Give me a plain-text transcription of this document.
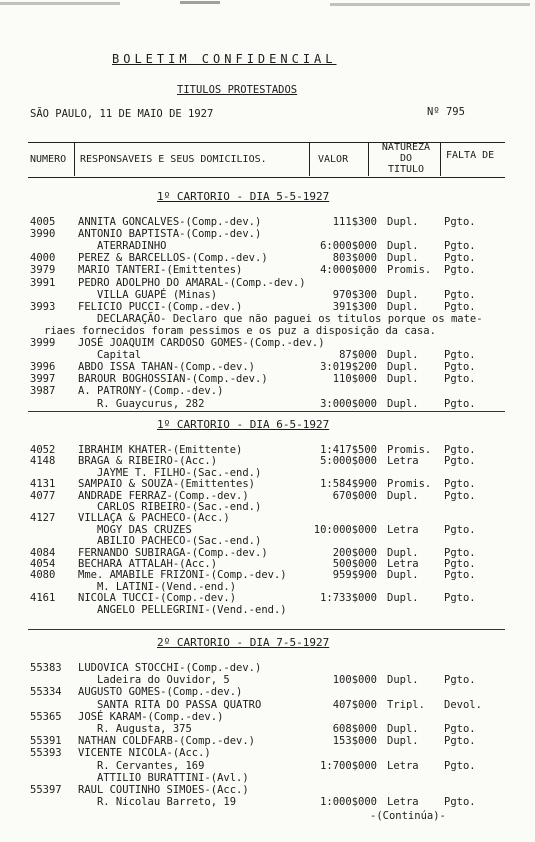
BOLETIM CONFIDENCIAL
TITULOS PROTESTADOS
SÃO PAULO, 11 DE MAIO DE 1927	Nº 795
NUMERO RESPONSAVEIS E SEUS DOMICILIOS.	VALOR
NATUREZA
DO
TITULO
FALTA DE
1º CARTORIO - DIA 5-5-1927
4005 ANNITA GONCALVES-(Comp.-dev.)	111$300 Dupl. Pgto.
3990 ANTONIO BAPTISTA-(Comp.-dev.)
ATERRADINHO	6:000$000 Dupl. Pgto.
4000 PEREZ & BARCELLOS-(Comp.-dev.)	803$000 Dupl. Pgto.
3979 MARIO TANTERI-(Emittentes)	4:000$000 Promis. Pgto.
3991 PEDRO ADOLPHO DO AMARAL-(Comp.-dev.)
VILLA GUAPÉ (Minas)	970$300 Dupl. Pgto.
3993 FELICIO PUCCI-(Comp.-dev.)	391$300 Dupl. Pgto.
DECLARAÇÃO- Declaro que não paguei os titulos porque os mate-
riaes fornecidos foram pessimos e os puz a disposição da casa.
3999 JOSÉ JOAQUIM CARDOSO GOMES-(Comp.-dev.)
Capital	87$000 Dupl. Pgto.
3996 ABDO ISSA TAHAN-(Comp.-dev.)	3:019$200 Dupl. Pgto.
3997 BAROUR BOGHOSSIAN-(Comp.-dev.)	110$000 Dupl. Pgto.
3987 A. PATRONY-(Comp.-dev.)
R. Guaycurus, 282	3:000$000 Dupl. Pgto.
1º CARTORIO - DIA 6-5-1927
4052 IBRAHIM KHATER-(Emittente)	1:417$500 Promis. Pgto.
4148 BRAGA & RIBEIRO-(Acc.)	5:000$000 Letra Pgto.
JAYME T. FILHO-(Sac.-end.)
4131 SAMPAIO & SOUZA-(Emittentes)	1:584$900 Promis. Pgto.
4077 ANDRADE FERRAZ-(Comp.-dev.)	670$000 Dupl. Pgto.
CARLOS RIBEIRO-(Sac.-end.)
4127 VILLAÇA & PACHECO-(Acc.)
MOGY DAS CRUZES	10:000$000 Letra Pgto.
ABILIO PACHECO-(Sac.-end.)
4084 FERNANDO SUBIRAGA-(Comp.-dev.)	200$000 Dupl. Pgto.
4054 BECHARA ATTALAH-(Acc.)	500$000 Letra Pgto.
4080 Mme. AMABILE FRIZONI-(Comp.-dev.)	959$900 Dupl. Pgto.
M. LATINI-(Vend.-end.)
4161 NICOLA TUCCI-(Comp.-dev.)	1:733$000 Dupl. Pgto.
ANGELO PELLEGRINI-(Vend.-end.)
2º CARTORIO - DIA 7-5-1927
55383 LUDOVICA STOCCHI-(Comp.-dev.)
Ladeira do Ouvidor, 5	100$000 Dupl. Pgto.
55334 AUGUSTO GOMES-(Comp.-dev.)
SANTA RITA DO PASSA QUATRO	407$000 Tripl. Devol.
55365 JOSÉ KARAM-(Comp.-dev.)
R. Augusta, 375	608$000 Dupl. Pgto.
55391 NATHAN COLDFARB-(Comp.-dev.)	153$000 Dupl. Pgto.
55393 VICENTE NICOLA-(Acc.)
R. Cervantes, 169	1:700$000 Letra Pgto.
ATTILIO BURATTINI-(Avl.)
55397 RAUL COUTINHO SIMOES-(Acc.)
R. Nicolau Barreto, 19	1:000$000 Letra Pgto.
-(Continúa)-
